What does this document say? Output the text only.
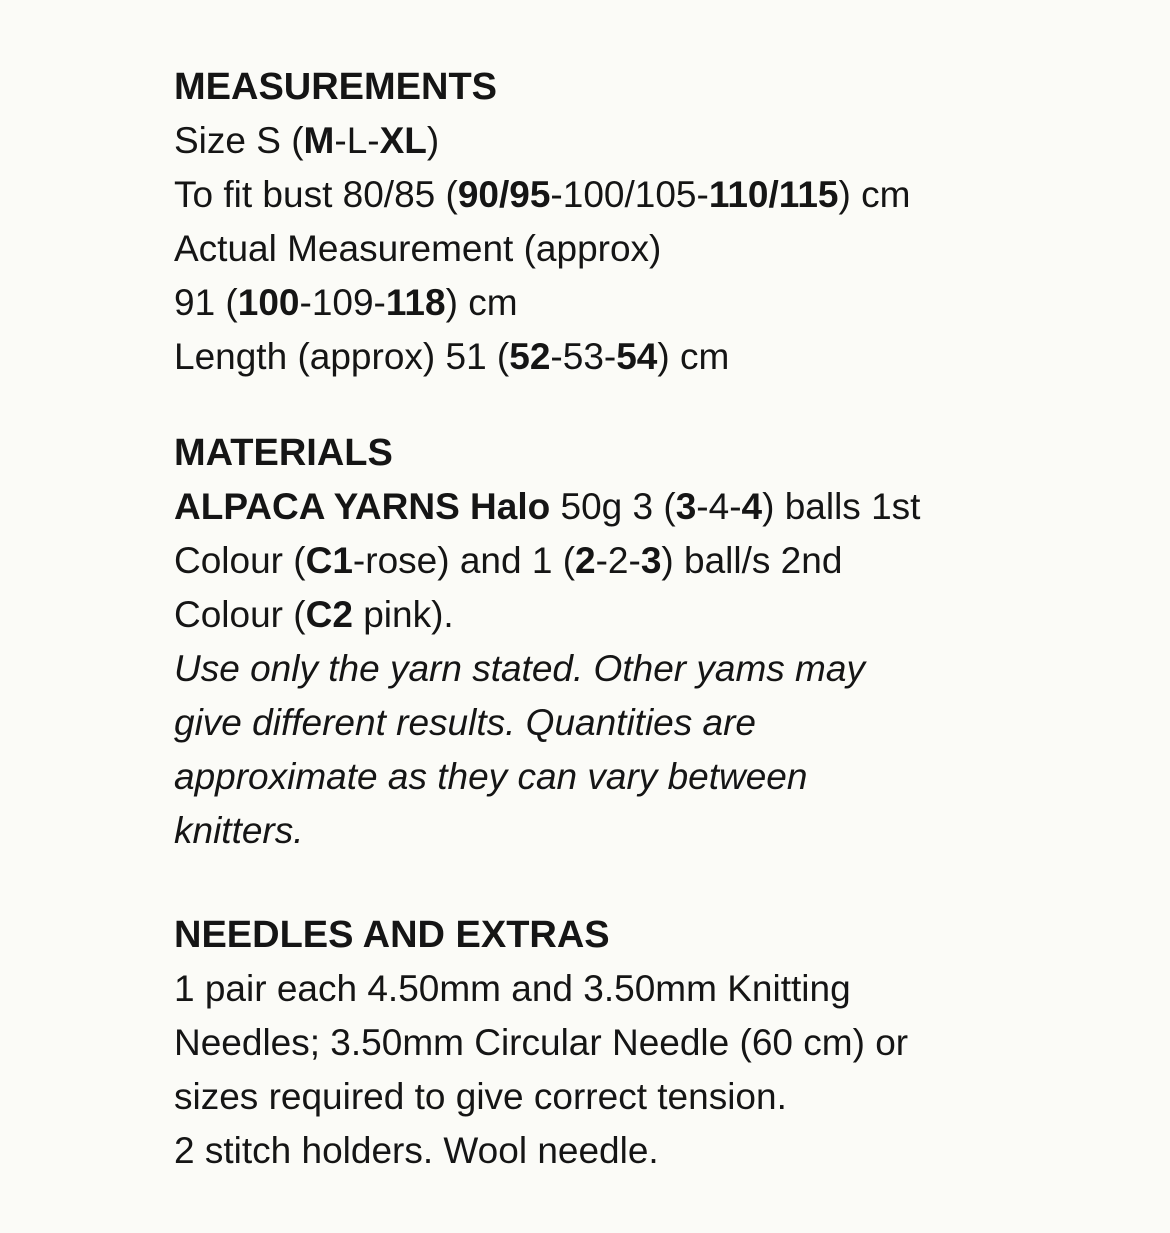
MEASUREMENTS

Size S (M-L-XL)

To fit bust 80/85 (90/95-100/105-110/115) cm

Actual Measurement (approx)

91 (100-109-118) cm

Length (approx) 51 (52-53-54) cm

MATERIALS

ALPACA YARNS Halo 50g 3 (3-4-4) balls 1st

Colour (C1-rose) and 1 (2-2-3) ball/s 2nd

Colour (C2 pink).

Use only the yarn stated. Other yams may

give different results. Quantities are

approximate as they can vary between

knitters.

NEEDLES AND EXTRAS

1 pair each 4.50mm and 3.50mm Knitting

Needles; 3.50mm Circular Needle (60 cm) or

sizes required to give correct tension.

2 stitch holders. Wool needle.
